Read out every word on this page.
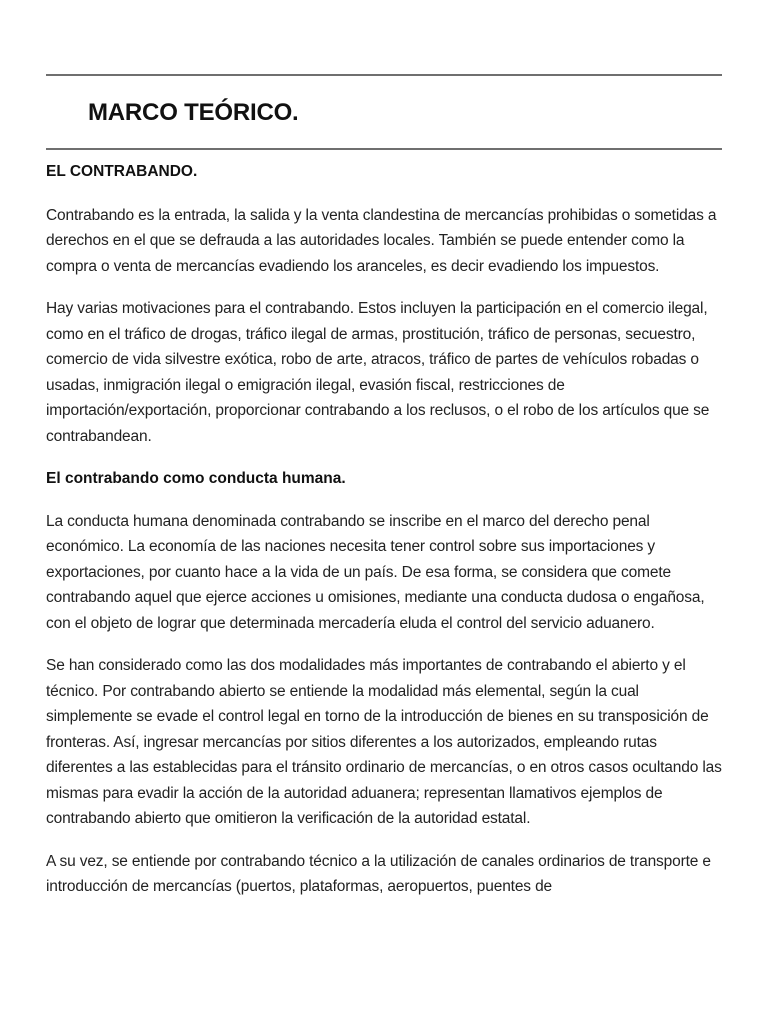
MARCO TEÓRICO.
EL CONTRABANDO.

Contrabando es la entrada, la salida y la venta clandestina de mercancías prohibidas o sometidas a derechos en el que se defrauda a las autoridades locales. También se puede entender como la compra o venta de mercancías evadiendo los aranceles, es decir evadiendo los impuestos.

Hay varias motivaciones para el contrabando. Estos incluyen la participación en el comercio ilegal, como en el tráfico de drogas, tráfico ilegal de armas, prostitución, tráfico de personas, secuestro, comercio de vida silvestre exótica, robo de arte, atracos, tráfico de partes de vehículos robadas o usadas, inmigración ilegal o emigración ilegal, evasión fiscal, restricciones de importación/exportación, proporcionar contrabando a los reclusos, o el robo de los artículos que se contrabandean.

El contrabando como conducta humana.

La conducta humana denominada contrabando se inscribe en el marco del derecho penal económico. La economía de las naciones necesita tener control sobre sus importaciones y exportaciones, por cuanto hace a la vida de un país. De esa forma, se considera que comete contrabando aquel que ejerce acciones u omisiones, mediante una conducta dudosa o engañosa, con el objeto de lograr que determinada mercadería eluda el control del servicio aduanero.

Se han considerado como las dos modalidades más importantes de contrabando el abierto y el técnico. Por contrabando abierto se entiende la modalidad más elemental, según la cual simplemente se evade el control legal en torno de la introducción de bienes en su transposición de fronteras. Así, ingresar mercancías por sitios diferentes a los autorizados, empleando rutas diferentes a las establecidas para el tránsito ordinario de mercancías, o en otros casos ocultando las mismas para evadir la acción de la autoridad aduanera; representan llamativos ejemplos de contrabando abierto que omitieron la verificación de la autoridad estatal.

A su vez, se entiende por contrabando técnico a la utilización de canales ordinarios de transporte e introducción de mercancías (puertos, plataformas, aeropuertos, puentes de
